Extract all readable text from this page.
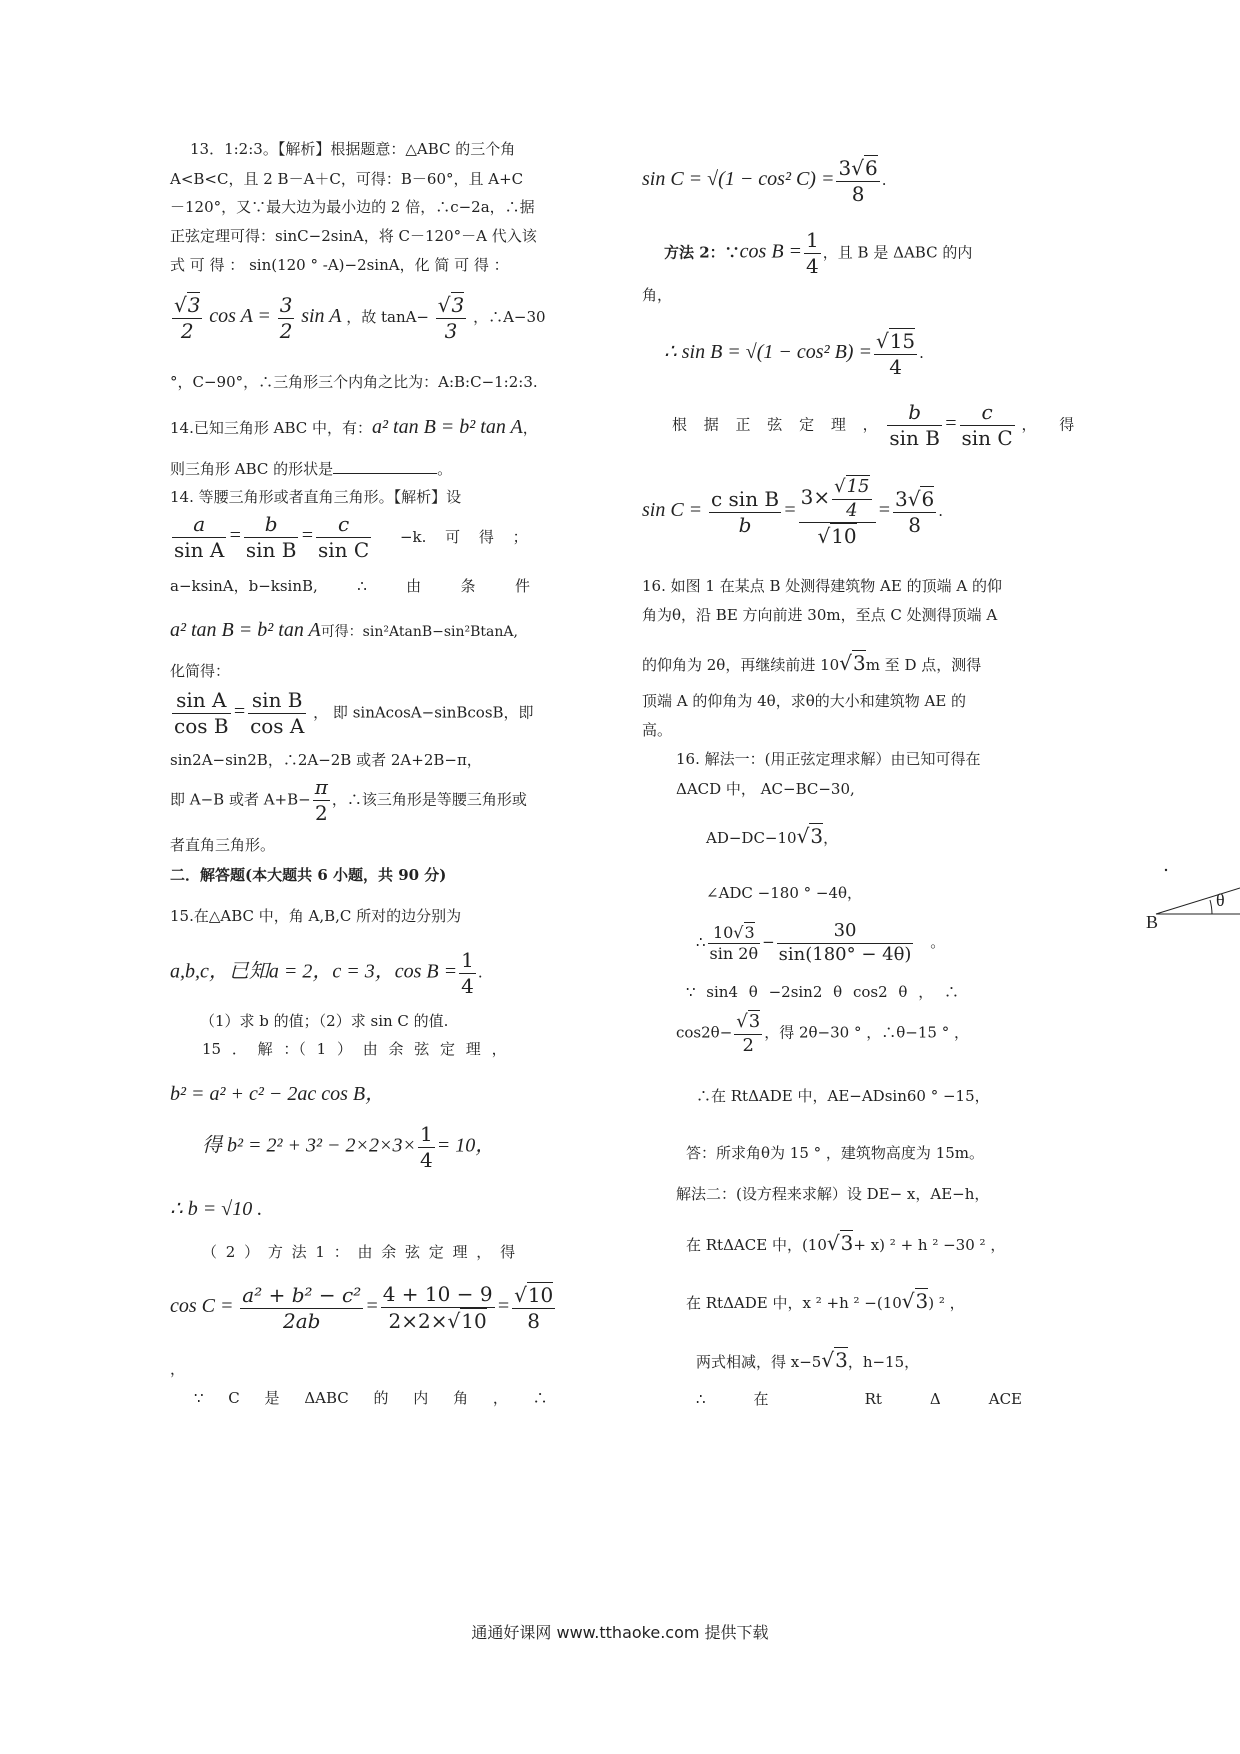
13．1:2:3。【解析】根据题意：△ABC 的三个角
A<B<C，且 2 B－A＋C，可得：B－60°，且 A+C
－120°，又∵最大边为最小边的 2 倍，∴c−2a，∴据
正弦定理可得：sinC−2sinA，将 C－120°－A 代入该
式 可 得 ： sin(120 ° -A)−2sinA，化 简 可 得 ：
$\frac{√3}{2}$ $\cos A = \frac{3}{2}$ sin A ，故 $\tan A- \frac{√3}{3}$ ，∴A−30
°，C−90°，∴三角形三个内角之比为：A:B:C−1:2:3.
14.已知三角形 ABC 中，有：a² tan B = b² tan A，
则三角形 ABC 的形状是	。
14. 等腰三角形或者直角三角形。【解析】设
$\frac{a}{\text{sin A}} = \frac{b}{\text{sin B}} = \frac{c}{\text{sin C}} -k$. 可 得 ；
a−ksinA，b−ksinB,	∴	由	条	件
a² tan B = b² tan A可得：sin²AtanB−sin²BtanA,
化简得：
$\frac{\text{sin A}}{\text{cos B}} = \frac{\text{sin B}}{\text{cos A}}$ ， 即 sinAcosA−sinBcosB，即
sin2A−sin2B，∴2A−2B 或者 2A+2B−π，
即 A−B 或者 $A+B- \frac{\pi}{2}$ ，∴该三角形是等腰三角形或
者直角三角形。
二．解答题(本大题共 6 小题，共 90 分)
15.在△ABC 中，角 A,B,C 所对的边分别为
a,b,c，已知a = 2，c = 3，$\cos B = \frac{1}{4}$ .
（1）求 b 的值；（2）求 sin C 的值.
15 ． 解 ：（ 1 ） 由 余 弦 定 理 ，
b² = a² + c² − 2ac cos B，
得 $b^2 = 2^2 + 3^2 - 2\times 2\times 3\times \frac{1}{4} = 10$，
∴ b = √10 .
（ 2 ） 方 法 1 ： 由 余 弦 定 理 ， 得
$\cos C = \frac{\text{a² + b² − c²}}{2ab} = \frac{4 + 10 - 9}{2\times 2\times√10} = \frac{√10}{8}$
，
∵ C 是 ΔABC 的 内 角 ， ∴
sin C = √(1 − cos² $C) = \frac{3√6}{8}$ .
方法 2：∵cos $B = \frac{1}{4}$ ，且 B 是 ΔABC 的内
角，
∴ sin B = √(1 − cos² $B) = \frac{√15}{4}$ .
根 据 正 弦 定 理 ， $\frac{b}{\text{sin B}} = \frac{c}{\text{sin C}}$ ， 得
$\sin C = \frac{\text{c sin B}}{b} = \frac{3\times \frac{√15}{4}}{√10} = \frac{3√6}{8}$ .
16. 如图 1 在某点 B 处测得建筑物 AE 的顶端 A 的仰
角为θ，沿 BE 方向前进 30m，至点 C 处测得顶端 A
的仰角为 2θ，再继续前进 10√3m 至 D 点，测得
顶端 A 的仰角为 4θ，求θ的大小和建筑物 AE 的
高。
16. 解法一：(用正弦定理求解）由已知可得在
ΔACD 中， AC−BC−30,
AD−DC−10√3，
∠ADC −180 ° −4θ，
∴ $\frac{10√3}{\sin 2\theta} - \frac{30}{\sin(180^\circ - 4\theta)}$ 。
∵ sin4 θ −2sin2 θ cos2 θ ， ∴
$\cos 2\theta- \frac{√3}{2}$ ，得 2θ−30 ° ，∴θ−15 ° ，
∴在 RtΔADE 中，AE−ADsin60 ° −15，
答：所求角θ为 15 ° ，建筑物高度为 15m。
解法二：(设方程来求解）设 DE− x，AE−h，
在 RtΔACE 中，(10√3+ x) ² + h ² −30 ² ，
在 RtΔADE 中，x ² +h ² −(10√3) ² ，
两式相减，得 x−5√3，h−15，
∴	在	Rt	Δ	ACE
B
θ
通通好课网 www.tthaoke.com 提供下载
